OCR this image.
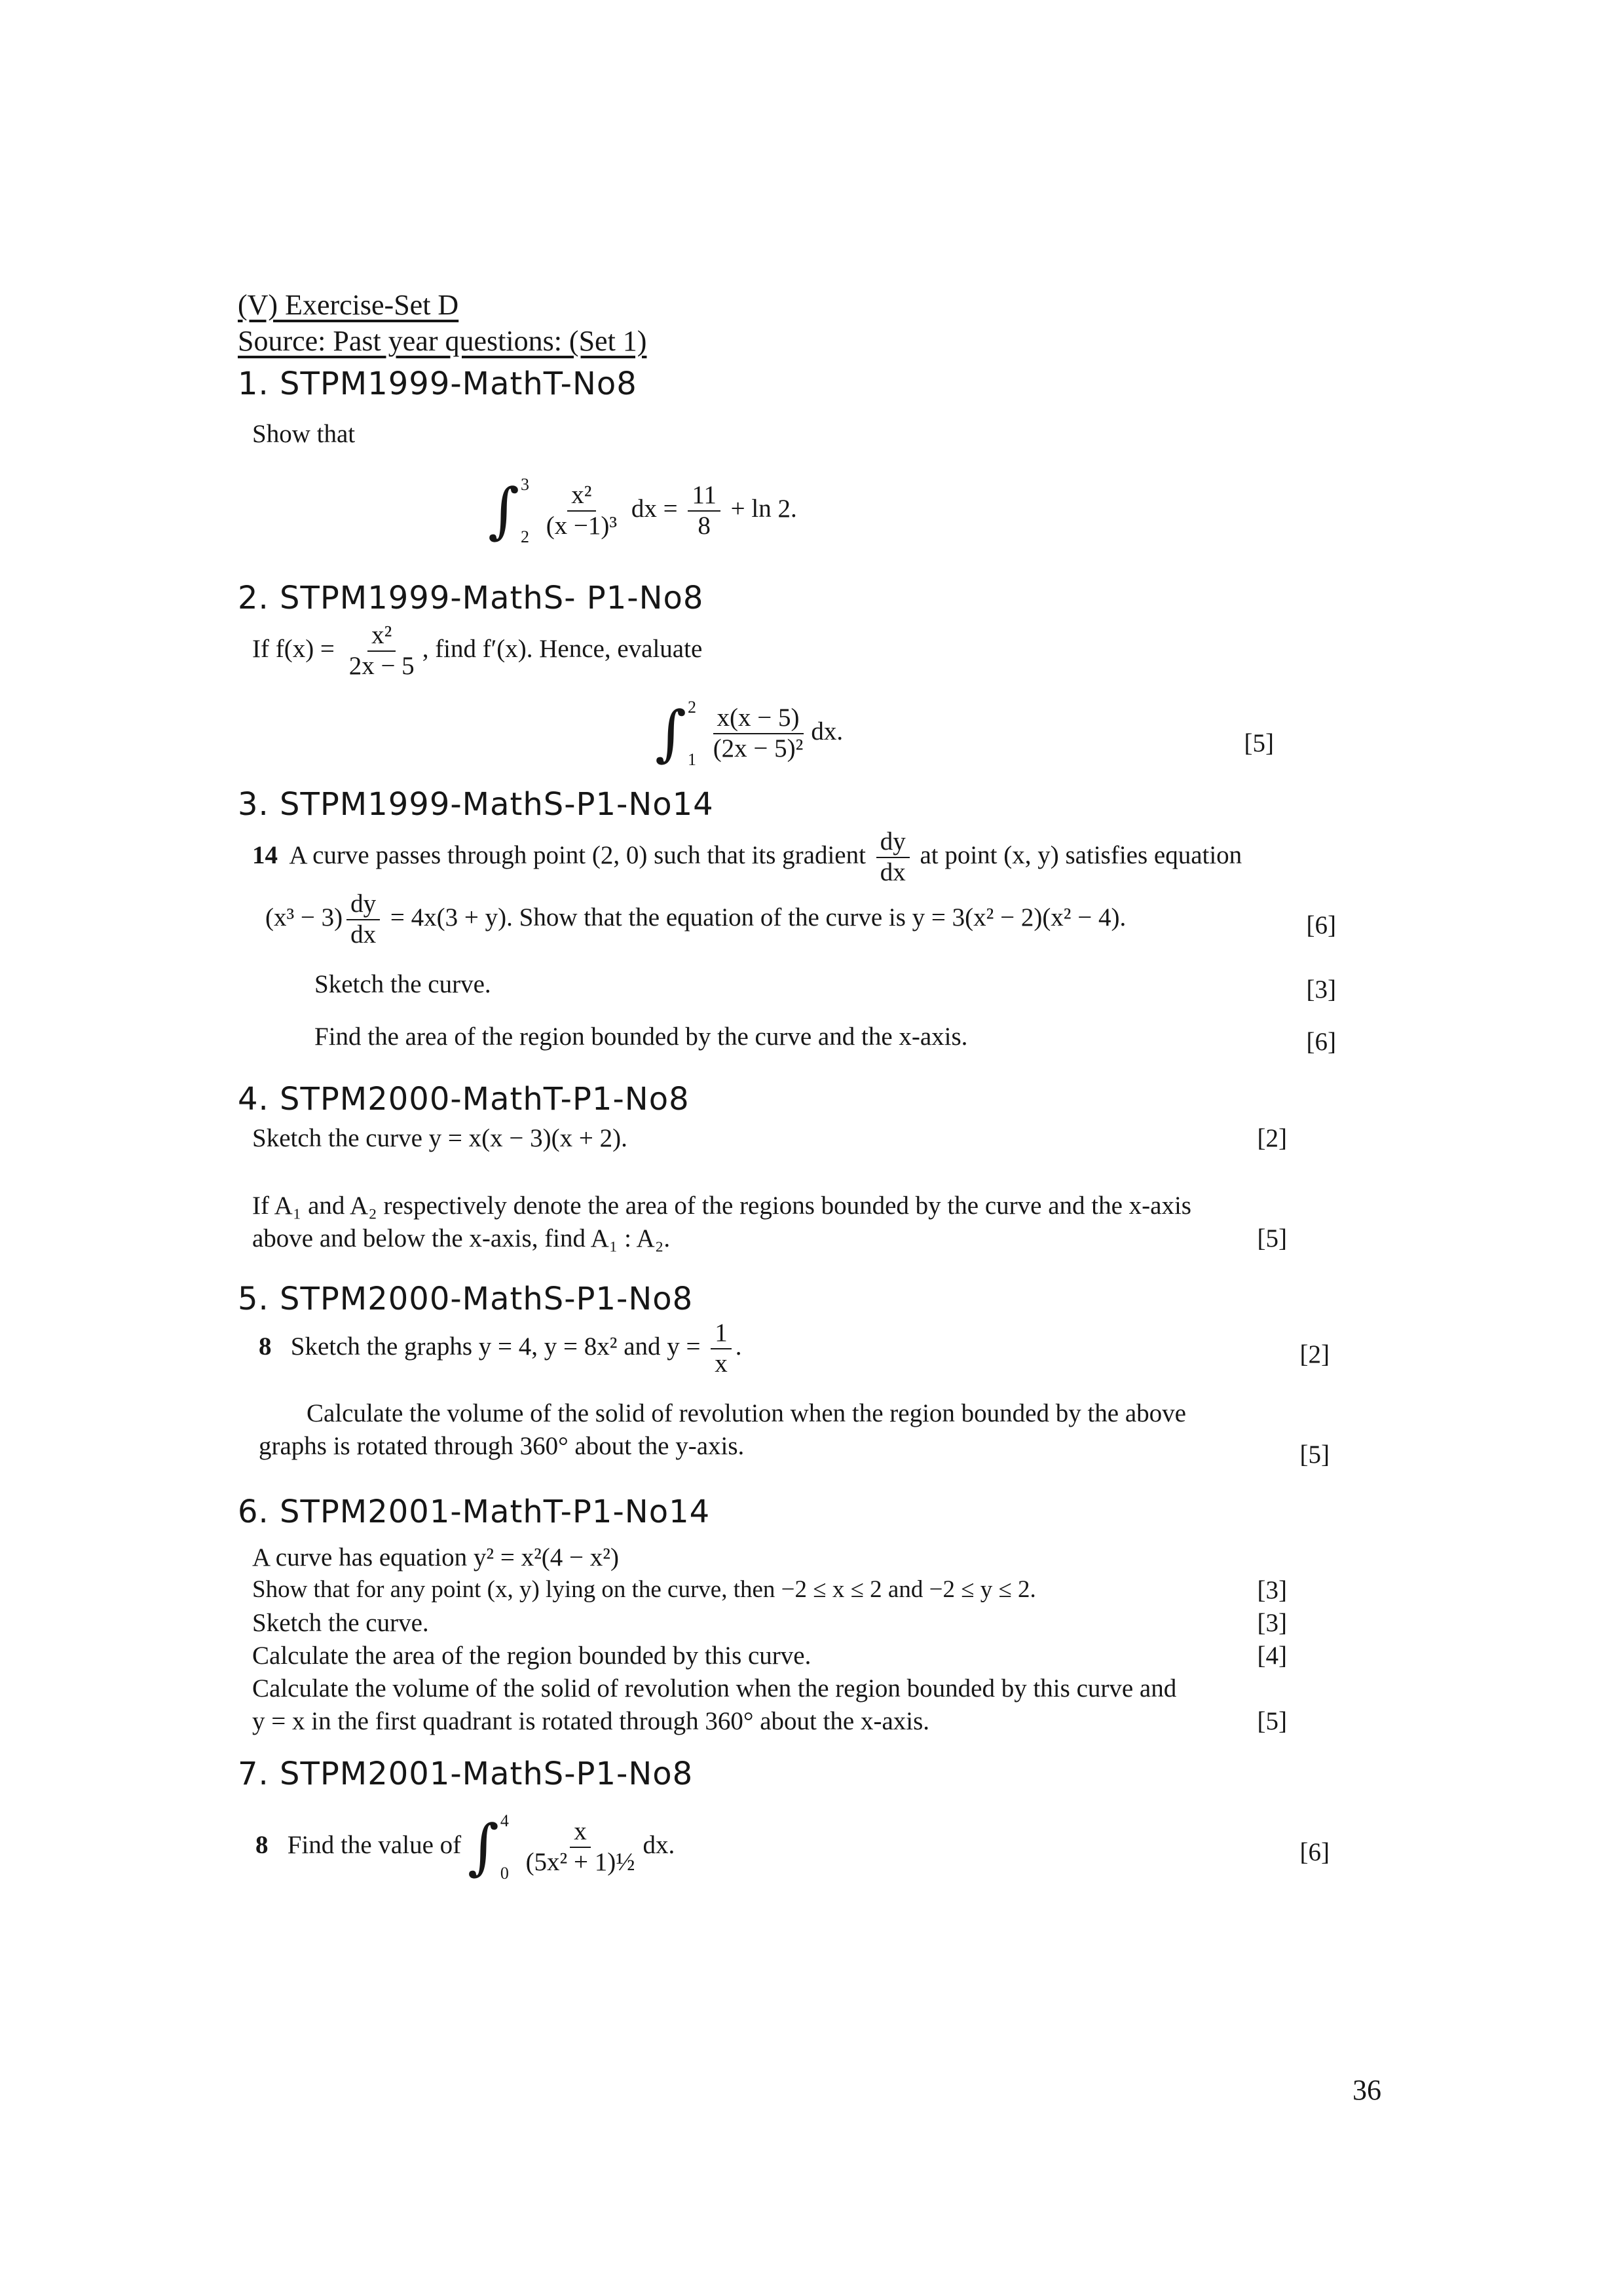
(V) Exercise-Set D
Source: Past year questions: (Set 1)
1. STPM1999-MathT-No8
Show that
∫ 3
2
$\frac{\text{x²}}{\text{(x −1)³}}$ dx = $\frac{11}{8} + \ln 2$.
2. STPM1999-MathS- P1-No8
If $f(x) = \frac{\text{x²}}{2x - 5}$ , find f′(x). Hence, evaluate
∫ 2
1
$\frac{x(x - 5)}{\text{(2x − 5)²}}$ dx.	[5]
3. STPM1999-MathS-P1-No14
14 A curve passes through point (2, 0) such that its gradient $\frac{dy}{dx}$ at point (x, y) satisfies equation
$(x^3 - 3) \frac{dy}{dx} = 4x(3 + y)$. Show that the equation of the curve is y = 3(x² − 2)(x² − 4).	[6]
Sketch the curve.	[3]
Find the area of the region bounded by the curve and the x-axis.	[6]
4. STPM2000-MathT-P1-No8
Sketch the curve y = x(x − 3)(x + 2).	[2]
If A₁ and A₂ respectively denote the area of the regions bounded by the curve and the x-axis
above and below the x-axis, find A₁ : A₂.	[5]
5. STPM2000-MathS-P1-No8
8 Sketch the graphs y = 4, y = 8x² and $y = \frac{1}{x}$ .	[2]
Calculate the volume of the solid of revolution when the region bounded by the above
graphs is rotated through 360° about the y-axis.	[5]
6. STPM2001-MathT-P1-No14
A curve has equation y² = x²(4 − x²)
Show that for any point (x, y) lying on the curve, then −2 ≤ x ≤ 2 and −2 ≤ y ≤ 2.	[3]
Sketch the curve.	[3]
Calculate the area of the region bounded by this curve.	[4]
Calculate the volume of the solid of revolution when the region bounded by this curve and
y = x in the first quadrant is rotated through 360° about the x-axis.	[5]
7. STPM2001-MathS-P1-No8
8 Find the value of ∫ 4
0
$\frac{x}{\text{(5x² + 1)½}}$ dx.	[6]
36
